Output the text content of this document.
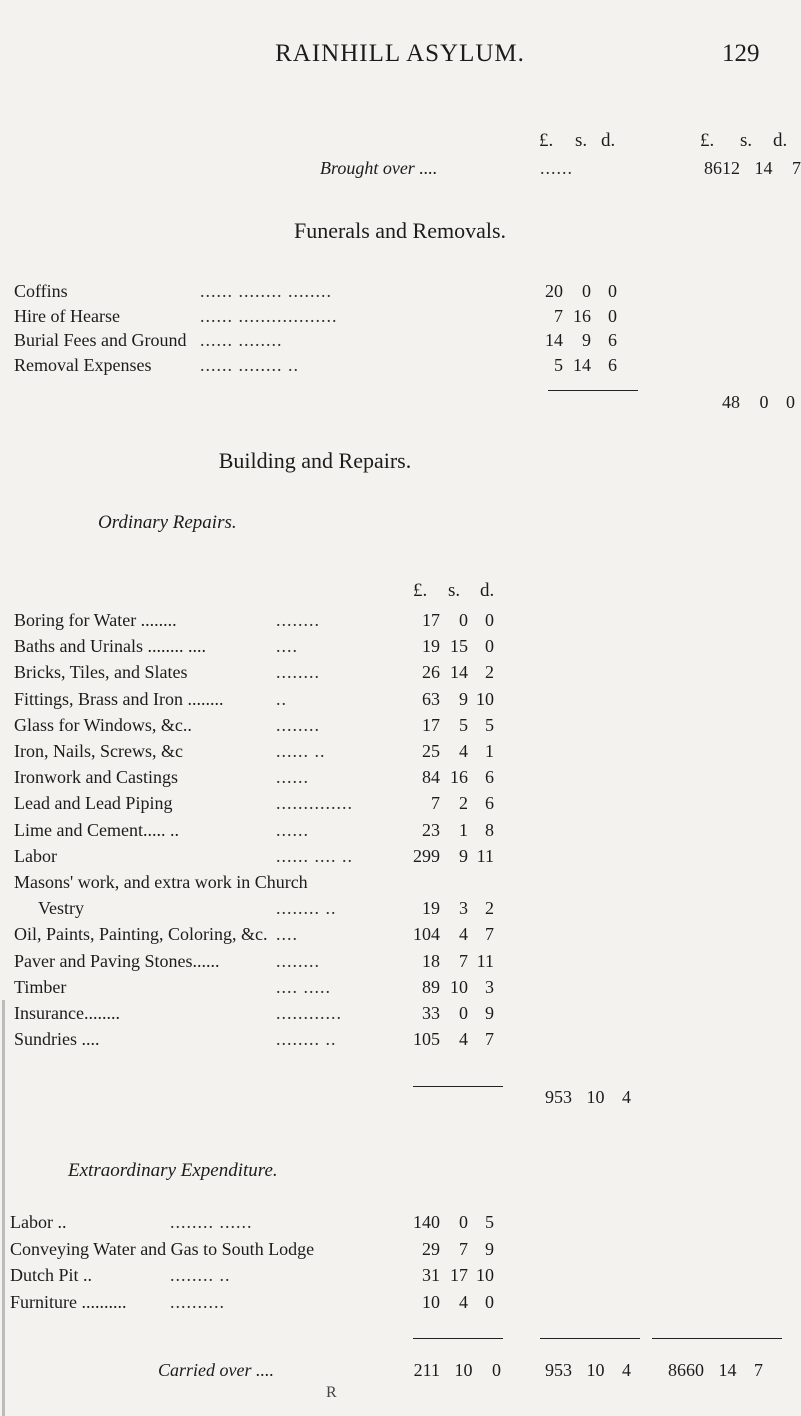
RAINHILL ASYLUM.	129
£. s. d.	£. s. d.
Brought over ....	......	8612 14 7
Funerals and Removals.
Coffins	...... ........ ........	20 0 0
Hire of Hearse	...... ..................	7 16 0
Burial Fees and Ground ...... ........	14 9 6
Removal Expenses	...... ........ ..	5 14 6
48 0 0
Building and Repairs.
Ordinary Repairs.
£. s. d.
Boring for Water ........	........	17 0 0
Baths and Urinals ........ ....	....	19 15 0
Bricks, Tiles, and Slates	........	26 14 2
Fittings, Brass and Iron ........	..	63 9 10
Glass for Windows, &c..	........	17 5 5
Iron, Nails, Screws, &c	...... ..	25 4 1
Ironwork and Castings	......	84 16 6
Lead and Lead Piping	..............	7 2 6
Lime and Cement..... ..	......	23 1 8
Labor	...... .... ..	299 9 11
Masons' work, and extra work in Church
Vestry	........ ..	19 3 2
Oil, Paints, Painting, Coloring, &c. ....	104 4 7
Paver and Paving Stones......	........	18 7 11
Timber	.... .....	89 10 3
Insurance........	............	33 0 9
Sundries ....	........ ..	105 4 7
953 10 4
Extraordinary Expenditure.
Labor ..	........ ......	140 0 5
Conveying Water and Gas to South Lodge	29 7 9
Dutch Pit ..	........ ..	31 17 10
Furniture .......... ..........	10 4 0
Carried over ....	211 10 0	953 10 4	8660 14 7
R
